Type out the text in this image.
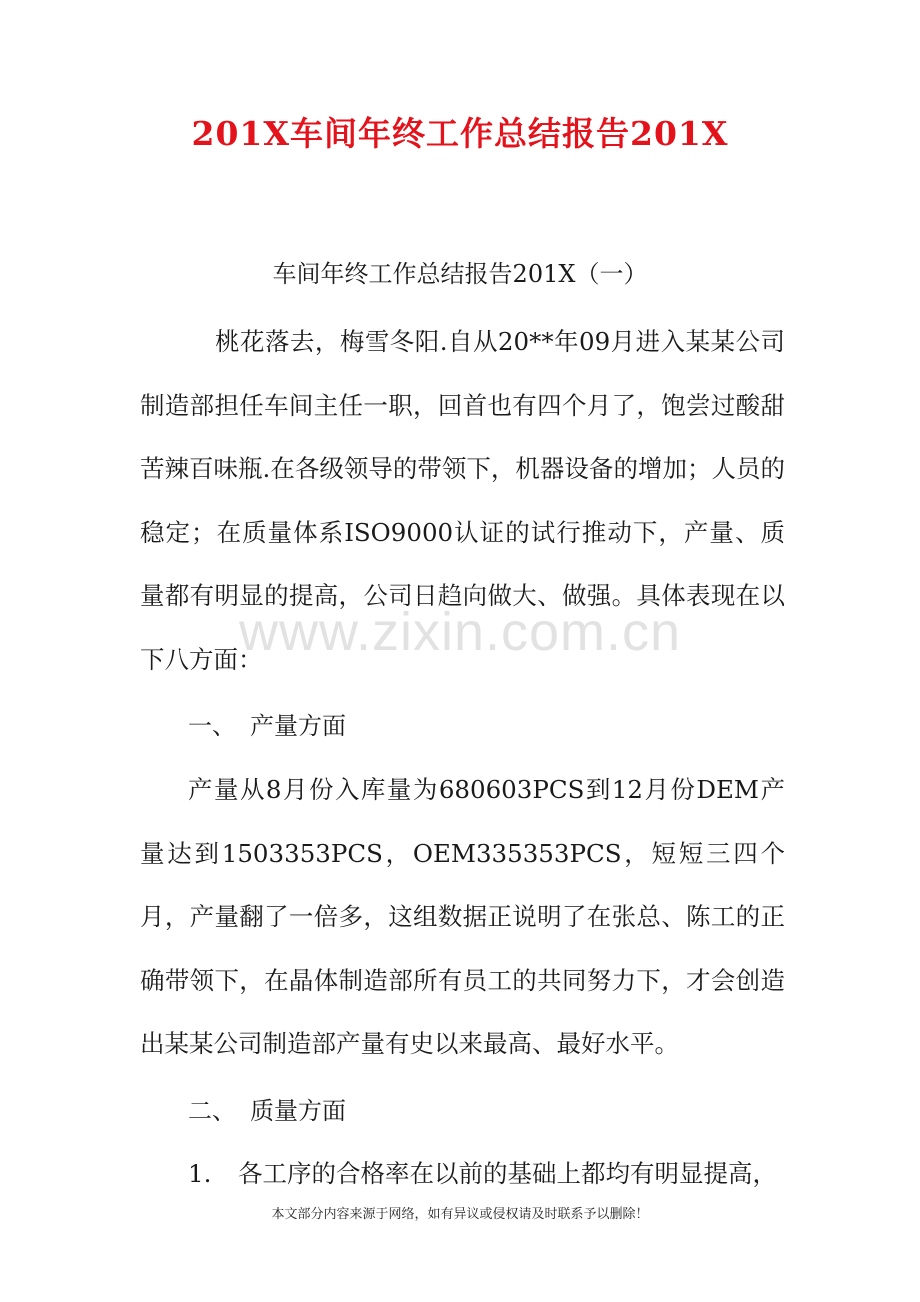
201X车间年终工作总结报告201X
车间年终工作总结报告201X（一）

桃花落去，梅雪冬阳.自从20**年09月进入某某公司制造部担任车间主任一职，回首也有四个月了，饱尝过酸甜苦辣百味瓶.在各级领导的带领下，机器设备的增加；人员的稳定；在质量体系ISO9000认证的试行推动下，产量、质量都有明显的提高，公司日趋向做大、做强。具体表现在以下八方面：

一、 产量方面

产量从8月份入库量为680603PCS到12月份DEM产量达到1503353PCS，OEM335353PCS，短短三四个月，产量翻了一倍多，这组数据正说明了在张总、陈工的正确带领下，在晶体制造部所有员工的共同努力下，才会创造出某某公司制造部产量有史以来最高、最好水平。

二、 质量方面
1. 各工序的合格率在以前的基础上都均有明显提高，
www.zixin.com.cn
本文部分内容来源于网络，如有异议或侵权请及时联系予以删除！
